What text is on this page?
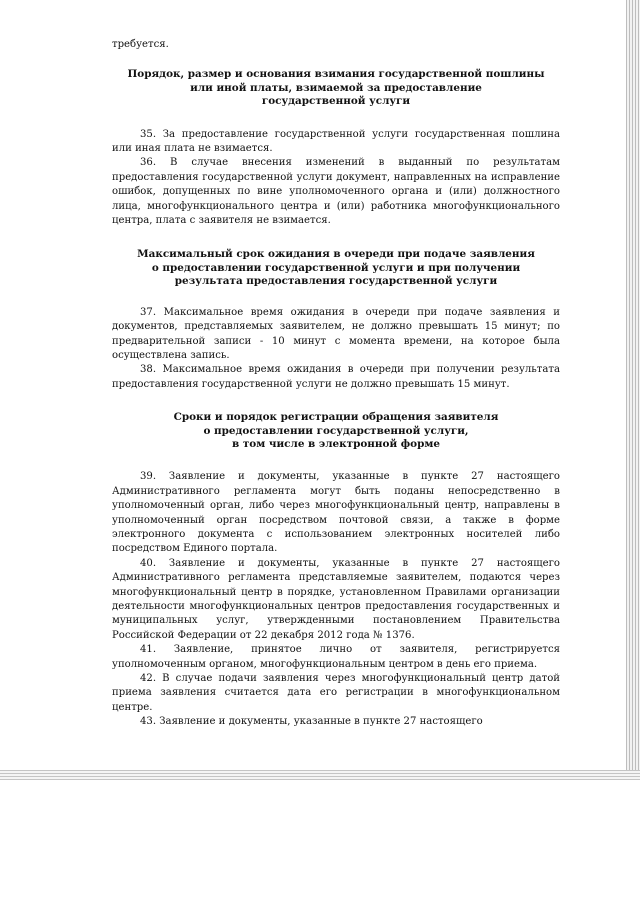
требуется.

Порядок, размер и основания взимания государственной пошлины
или иной платы, взимаемой за предоставление
государственной услуги

35. За предоставление государственной услуги государственная пошлина или иная плата не взимается.

36. В случае внесения изменений в выданный по результатам предоставления государственной услуги документ, направленных на исправление ошибок, допущенных по вине уполномоченного органа и (или) должностного лица, многофункционального центра и (или) работника многофункционального центра, плата с заявителя не взимается.

Максимальный срок ожидания в очереди при подаче заявления
о предоставлении государственной услуги и при получении
результата предоставления государственной услуги

37. Максимальное время ожидания в очереди при подаче заявления и документов, представляемых заявителем, не должно превышать 15 минут; по предварительной записи - 10 минут с момента времени, на которое была осуществлена запись.

38. Максимальное время ожидания в очереди при получении результата предоставления государственной услуги не должно превышать 15 минут.

Сроки и порядок регистрации обращения заявителя
о предоставлении государственной услуги,
в том числе в электронной форме

39. Заявление и документы, указанные в пункте 27 настоящего Административного регламента могут быть поданы непосредственно в уполномоченный орган, либо через многофункциональный центр, направлены в уполномоченный орган посредством почтовой связи, а также в форме электронного документа с использованием электронных носителей либо посредством Единого портала.

40. Заявление и документы, указанные в пункте 27 настоящего Административного регламента представляемые заявителем, подаются через многофункциональный центр в порядке, установленном Правилами организации деятельности многофункциональных центров предоставления государственных и муниципальных услуг, утвержденными постановлением Правительства Российской Федерации от 22 декабря 2012 года № 1376.

41. Заявление, принятое лично от заявителя, регистрируется уполномоченным органом, многофункциональным центром в день его приема.

42. В случае подачи заявления через многофункциональный центр датой приема заявления считается дата его регистрации в многофункциональном центре.

43. Заявление и документы, указанные в пункте 27 настоящего
